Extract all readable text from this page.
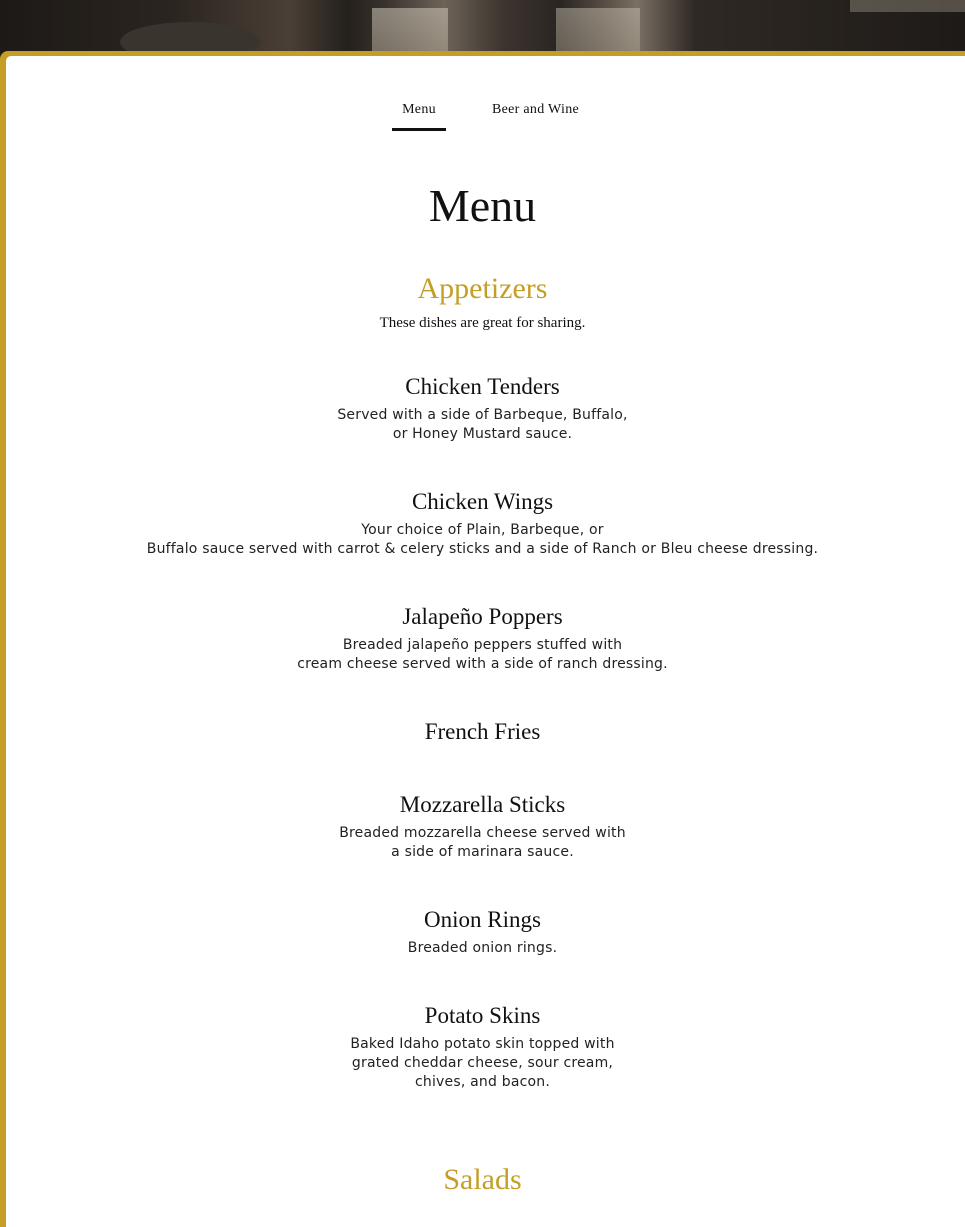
Menu	Beer and Wine
Menu
Appetizers
These dishes are great for sharing.
Chicken Tenders
Served with a side of Barbeque, Buffalo,
or Honey Mustard sauce.
Chicken Wings
Your choice of Plain, Barbeque, or
Buffalo sauce served with carrot & celery sticks and a side of Ranch or Bleu cheese dressing.
Jalapeño Poppers
Breaded jalapeño peppers stuffed with
cream cheese served with a side of ranch dressing.
French Fries
Mozzarella Sticks
Breaded mozzarella cheese served with
a side of marinara sauce.
Onion Rings
Breaded onion rings.
Potato Skins
Baked Idaho potato skin topped with
grated cheddar cheese, sour cream,
chives, and bacon.
Salads
